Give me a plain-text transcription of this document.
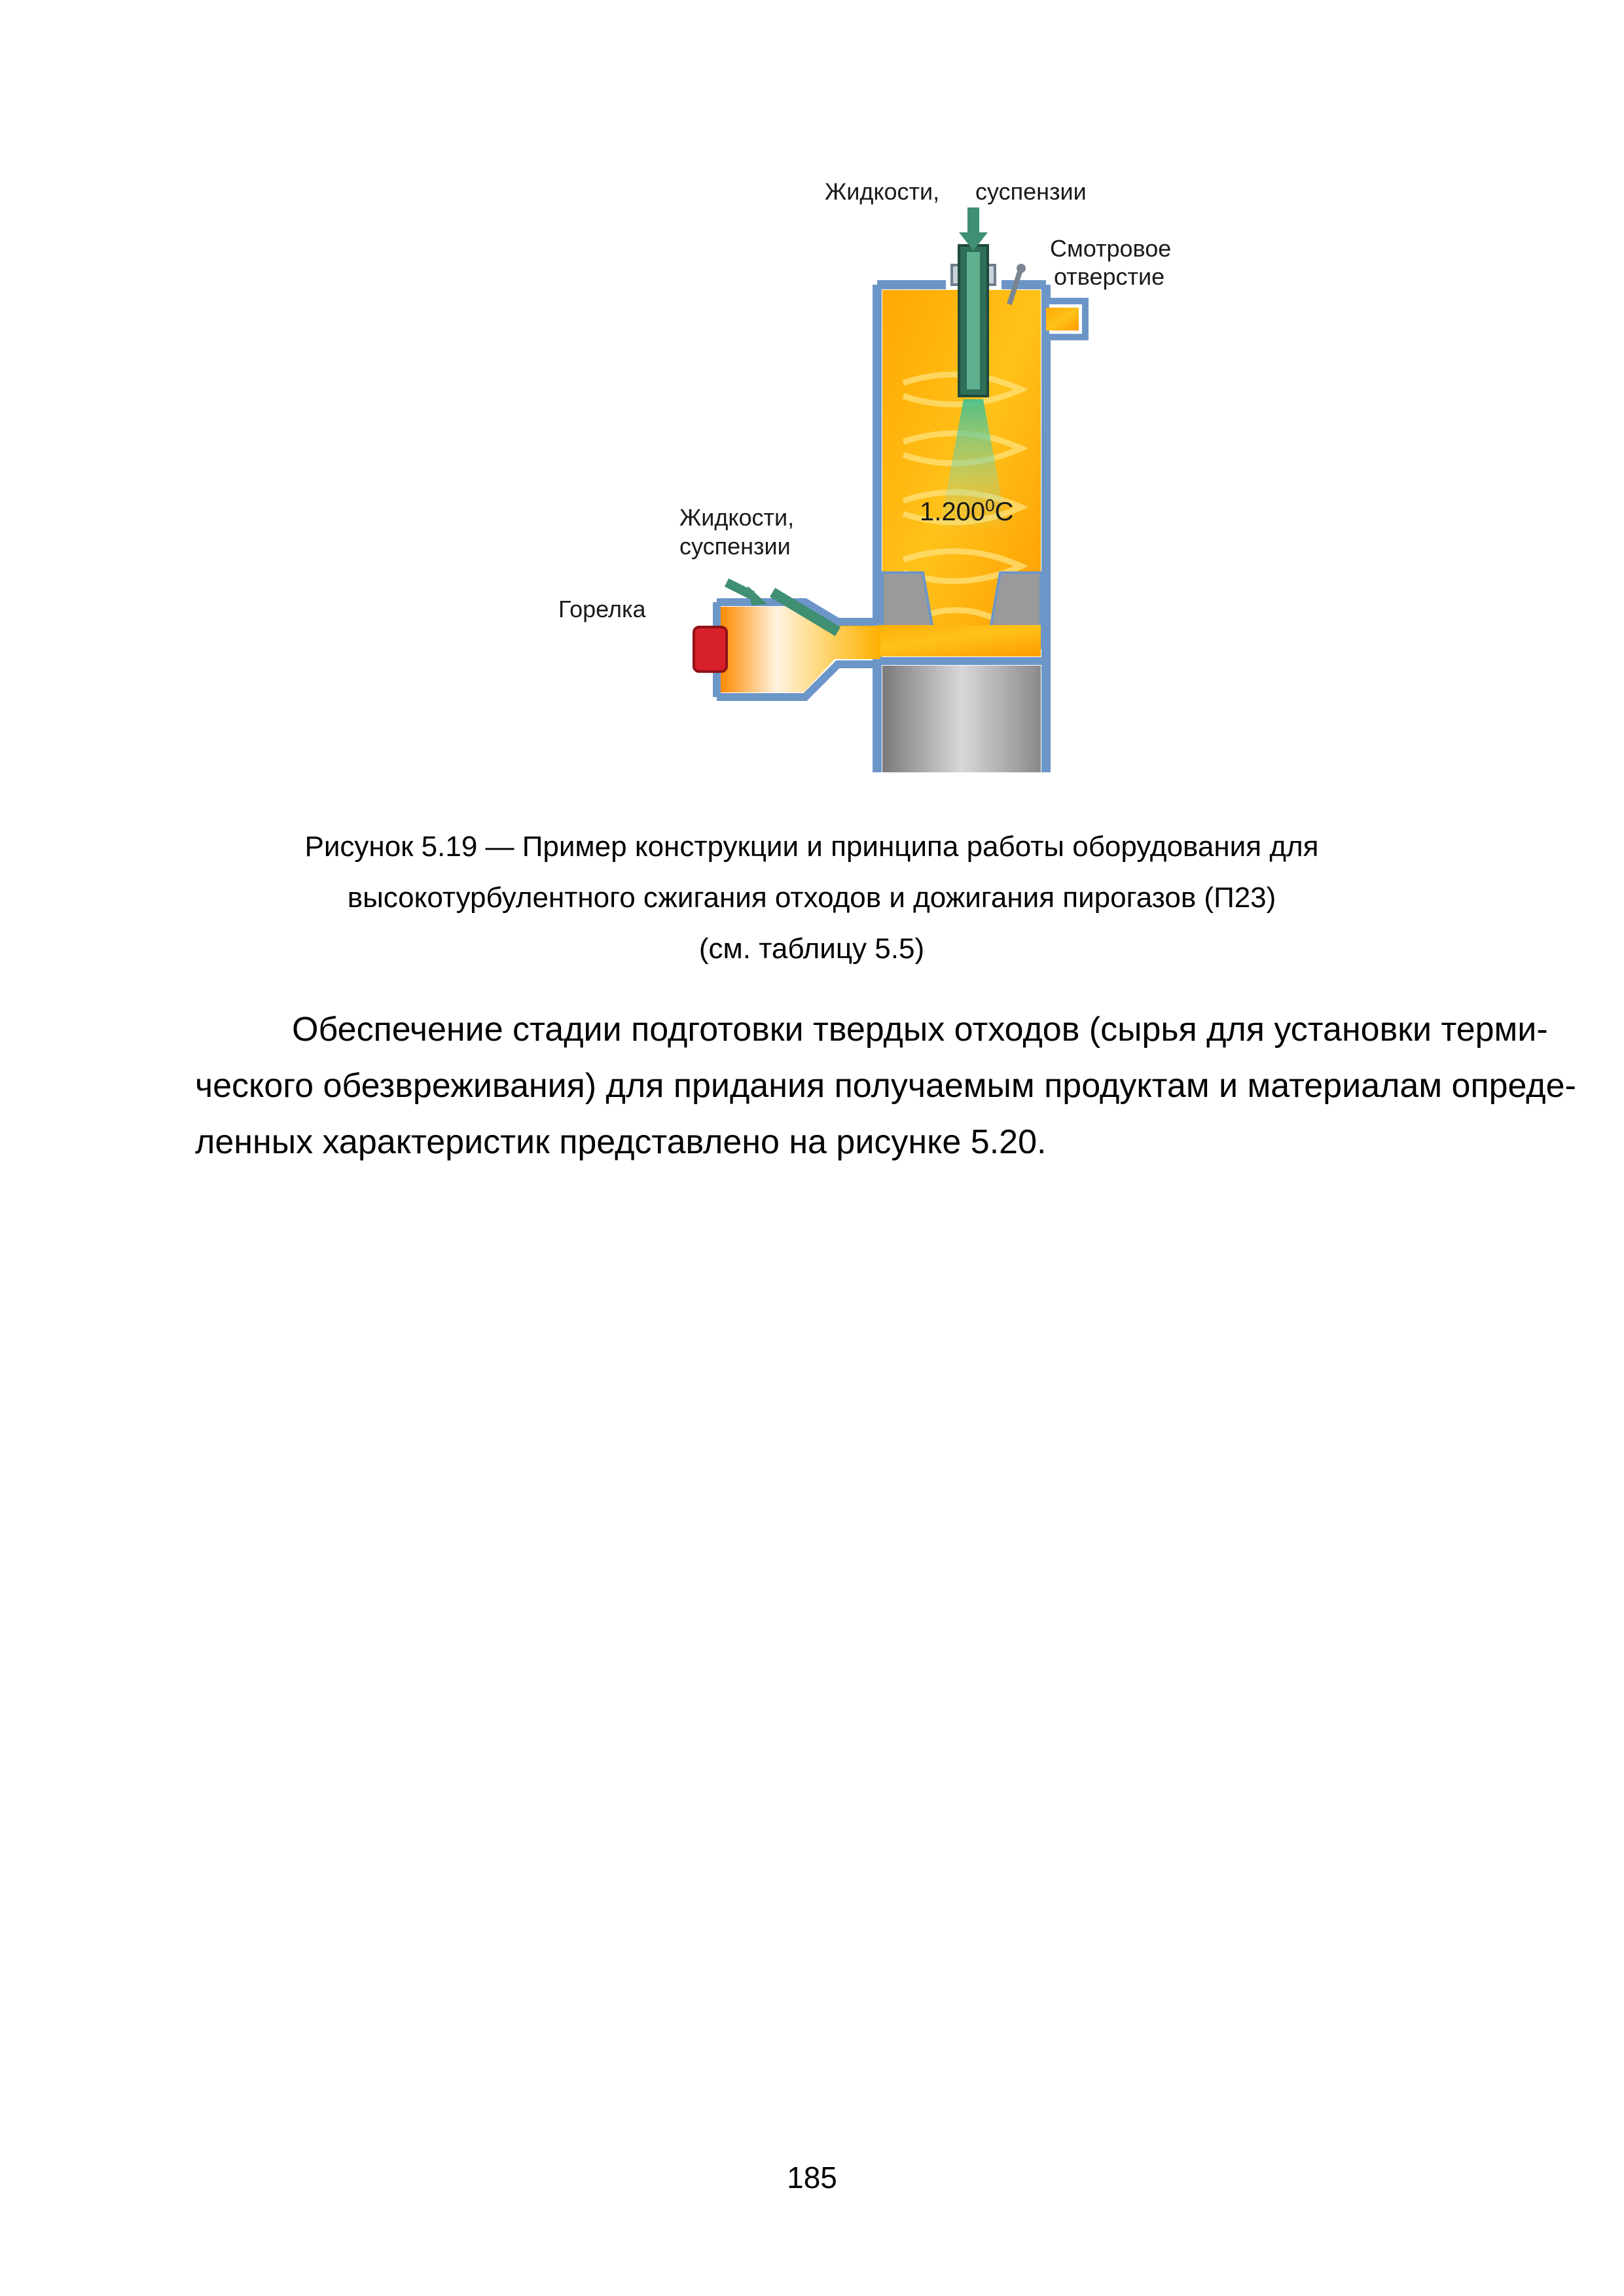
Жидкости, суспензии
Смотровое
отверстие
Жидкости,
суспензии
Горелка
1.200$^0$С
Рисунок 5.19 — Пример конструкции и принципа работы оборудования для
высокотурбулентного сжигания отходов и дожигания пирогазов (П23)
(см. таблицу 5.5)
Обеспечение стадии подготовки твердых отходов (сырья для установки терми-
ческого обезвреживания) для придания получаемым продуктам и материалам опреде-
ленных характеристик представлено на рисунке 5.20.
185
